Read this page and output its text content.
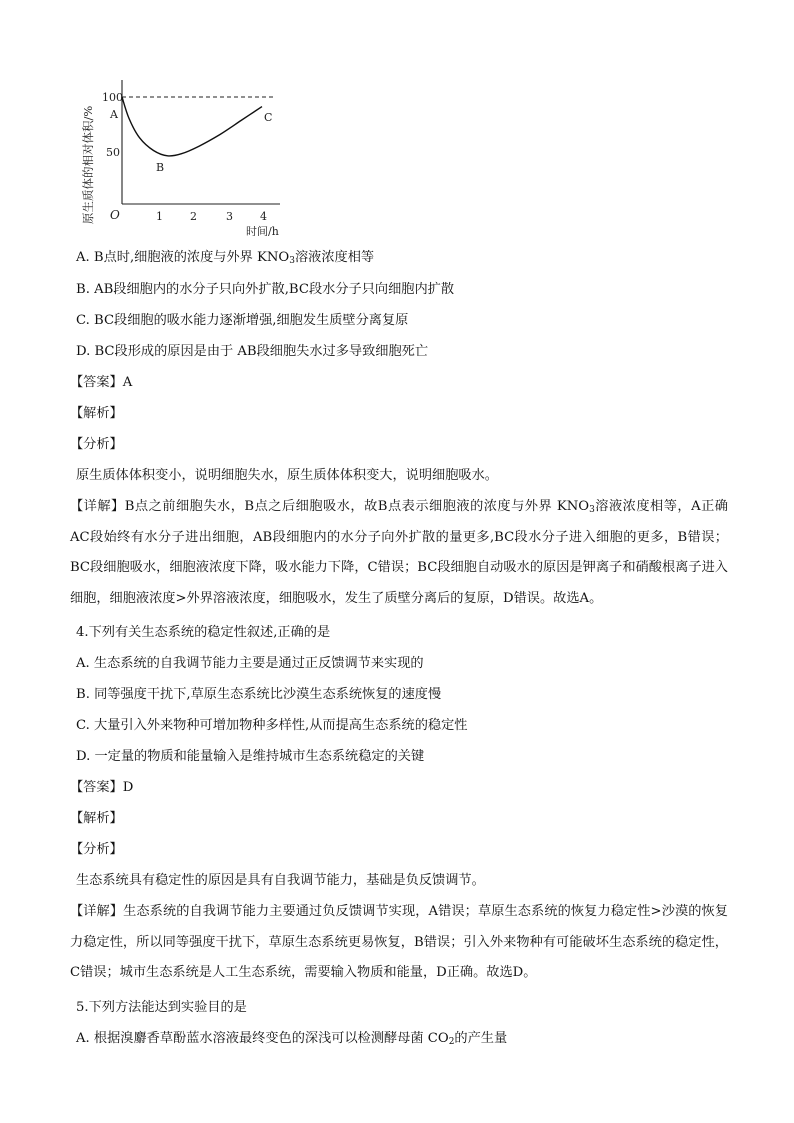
原生质体的相对体积/%
100
50
O	1 2	3 4
时间/h
A
B
C
A. B点时,细胞液的浓度与外界 $KNO_3$溶液浓度相等
B. AB段细胞内的水分子只向外扩散,BC段水分子只向细胞内扩散
C. BC段细胞的吸水能力逐渐增强,细胞发生质壁分离复原
D. BC段形成的原因是由于 AB段细胞失水过多导致细胞死亡
【答案】A
【解析】
【分析】
原生质体体积变小，说明细胞失水，原生质体体积变大，说明细胞吸水。
【详解】B点之前细胞失水，B点之后细胞吸水，故B点表示细胞液的浓度与外界 $KNO_3$溶液浓度相等，A正确 AC段始终有水分子进出细胞，AB段细胞内的水分子向外扩散的量更多,BC段水分子进入细胞的更多，B错误；BC段细胞吸水，细胞液浓度下降，吸水能力下降，C错误；BC段细胞自动吸水的原因是钾离子和硝酸根离子进入细胞，细胞液浓度>外界溶液浓度，细胞吸水，发生了质壁分离后的复原，D错误。故选A。
4.下列有关生态系统的稳定性叙述,正确的是
A. 生态系统的自我调节能力主要是通过正反馈调节来实现的
B. 同等强度干扰下,草原生态系统比沙漠生态系统恢复的速度慢
C. 大量引入外来物种可增加物种多样性,从而提高生态系统的稳定性
D. 一定量的物质和能量输入是维持城市生态系统稳定的关键
【答案】D
【解析】
【分析】
生态系统具有稳定性的原因是具有自我调节能力，基础是负反馈调节。
【详解】生态系统的自我调节能力主要通过负反馈调节实现，A错误；草原生态系统的恢复力稳定性>沙漠的恢复力稳定性，所以同等强度干扰下，草原生态系统更易恢复，B错误；引入外来物种有可能破坏生态系统的稳定性，C错误；城市生态系统是人工生态系统，需要输入物质和能量，D正确。故选D。
5.下列方法能达到实验目的是
A. 根据溴麝香草酚蓝水溶液最终变色的深浅可以检测酵母菌 $CO_2$的产生量
